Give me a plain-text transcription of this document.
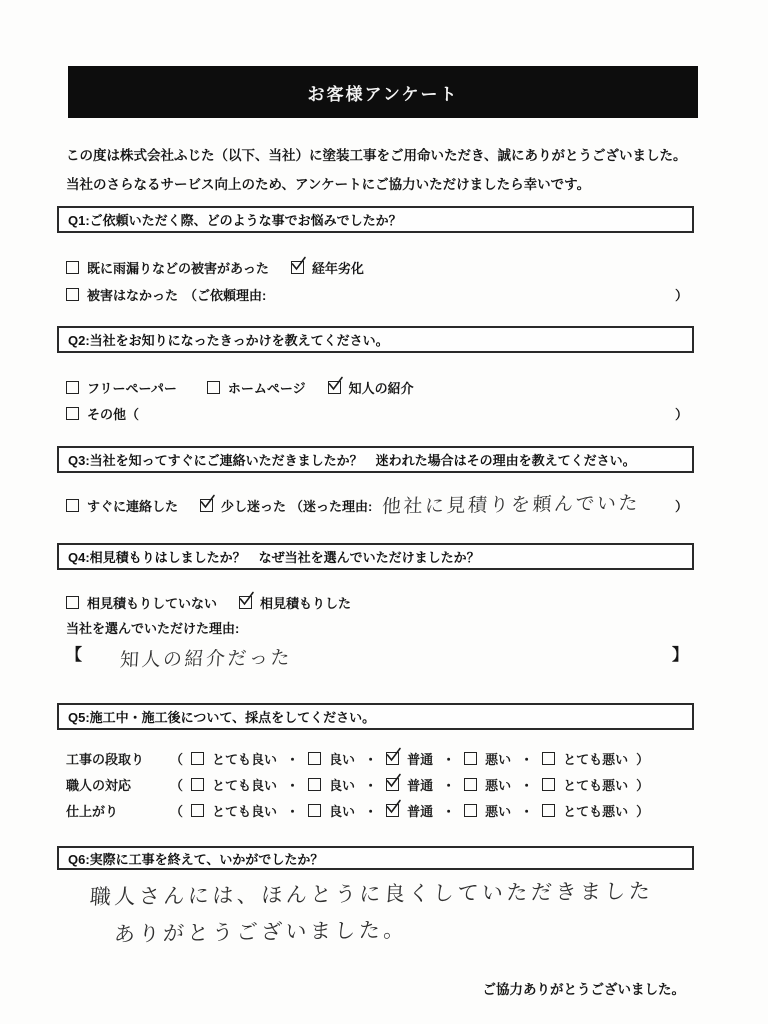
お客様アンケート
この度は株式会社ふじた（以下、当社）に塗装工事をご用命いただき、誠にありがとうございました。
当社のさらなるサービス向上のため、アンケートにご協力いただけましたら幸いです。
Q1:ご依頼いただく際、どのような事でお悩みでしたか？
既に雨漏りなどの被害があった	経年劣化
被害はなかった （ご依頼理由:	）
Q2:当社をお知りになったきっかけを教えてください。
フリーペーパー	ホームページ	知人の紹介
その他（	）
Q3:当社を知ってすぐにご連絡いただきましたか？　迷われた場合はその理由を教えてください。
すぐに連絡した	少し迷った （迷った理由: 他社に見積りを頼んでいた	）
Q4:相見積もりはしましたか？　なぜ当社を選んでいただけましたか？
相見積もりしていない	相見積もりした
当社を選んでいただけた理由:
【 知人の紹介だった	】
Q5:施工中・施工後について、採点をしてください。
工事の段取り	（ とても良い ・ 良い ・ 普通 ・ 悪い ・ とても悪い ）
職人の対応	（ とても良い ・ 良い ・ 普通 ・ 悪い ・ とても悪い ）
仕上がり	（ とても良い ・ 良い ・ 普通 ・ 悪い ・ とても悪い ）
Q6:実際に工事を終えて、いかがでしたか？
職人さんには、ほんとうに良くしていただきました
ありがとうございました。
ご協力ありがとうございました。
